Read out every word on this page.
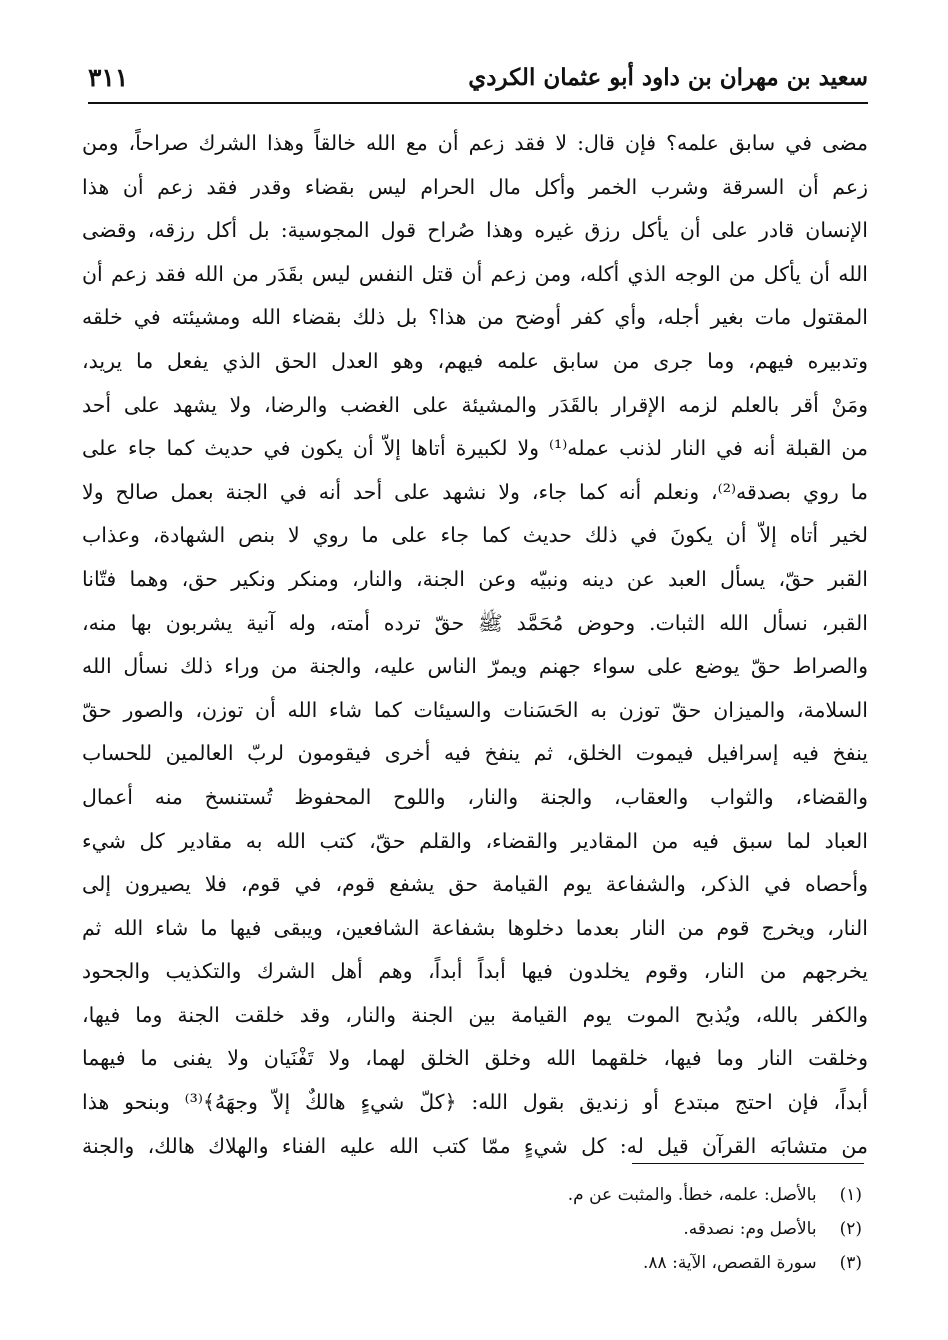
سعيد بن مهران بن داود أبو عثمان الكردي
٣١١
مضى في سابق علمه؟ فإن قال: لا فقد زعم أن مع الله خالقاً وهذا الشرك صراحاً، ومن
زعم أن السرقة وشرب الخمر وأكل مال الحرام ليس بقضاء وقدر فقد زعم أن هذا
الإنسان قادر على أن يأكل رزق غيره وهذا صُراح قول المجوسية: بل أكل رزقه، وقضى
الله أن يأكل من الوجه الذي أكله، ومن زعم أن قتل النفس ليس بقَدَر من الله فقد زعم أن
المقتول مات بغير أجله، وأي كفر أوضح من هذا؟ بل ذلك بقضاء الله ومشيئته في خلقه
وتدبيره فيهم، وما جرى من سابق علمه فيهم، وهو العدل الحق الذي يفعل ما يريد،
ومَنْ أقر بالعلم لزمه الإقرار بالقَدَر والمشيئة على الغضب والرضا، ولا يشهد على أحد
من القبلة أنه في النار لذنب عمله⁽¹⁾ ولا لكبيرة أتاها إلاّ أن يكون في حديث كما جاء على
ما روي بصدقه⁽²⁾، ونعلم أنه كما جاء، ولا نشهد على أحد أنه في الجنة بعمل صالح ولا
لخير أتاه إلاّ أن يكونَ في ذلك حديث كما جاء على ما روي لا بنص الشهادة، وعذاب
القبر حقّ، يسأل العبد عن دينه ونبيّه وعن الجنة، والنار، ومنكر ونكير حق، وهما فتّانا
القبر، نسأل الله الثبات. وحوض مُحَمَّد ﷺ حقّ ترده أمته، وله آنية يشربون بها منه،
والصراط حقّ يوضع على سواء جهنم ويمرّ الناس عليه، والجنة من وراء ذلك نسأل الله
السلامة، والميزان حقّ توزن به الحَسَنات والسيئات كما شاء الله أن توزن، والصور حقّ
ينفخ فيه إسرافيل فيموت الخلق، ثم ينفخ فيه أخرى فيقومون لربّ العالمين للحساب
والقضاء، والثواب والعقاب، والجنة والنار، واللوح المحفوظ تُستنسخ منه أعمال
العباد لما سبق فيه من المقادير والقضاء، والقلم حقّ، كتب الله به مقادير كل شيء
وأحصاه في الذكر، والشفاعة يوم القيامة حق يشفع قوم، في قوم، فلا يصيرون إلى
النار، ويخرج قوم من النار بعدما دخلوها بشفاعة الشافعين، ويبقى فيها ما شاء الله ثم
يخرجهم من النار، وقوم يخلدون فيها أبداً أبداً، وهم أهل الشرك والتكذيب والجحود
والكفر بالله، ويُذبح الموت يوم القيامة بين الجنة والنار، وقد خلقت الجنة وما فيها،
وخلقت النار وما فيها، خلقهما الله وخلق الخلق لهما، ولا تَفْنَيان ولا يفنى ما فيهما
أبداً، فإن احتج مبتدع أو زنديق بقول الله: ﴿كلّ شيءٍ هالكٌ إلاّ وجهَهُ﴾⁽³⁾ وبنحو هذا
من متشابَه القرآن قيل له: كل شيءٍ ممّا كتب الله عليه الفناء والهلاك هالك، والجنة
(١) بالأصل: علمه، خطأ. والمثبت عن م.
(٢) بالأصل وم: نصدقه.
(٣) سورة القصص، الآية: ٨٨.
